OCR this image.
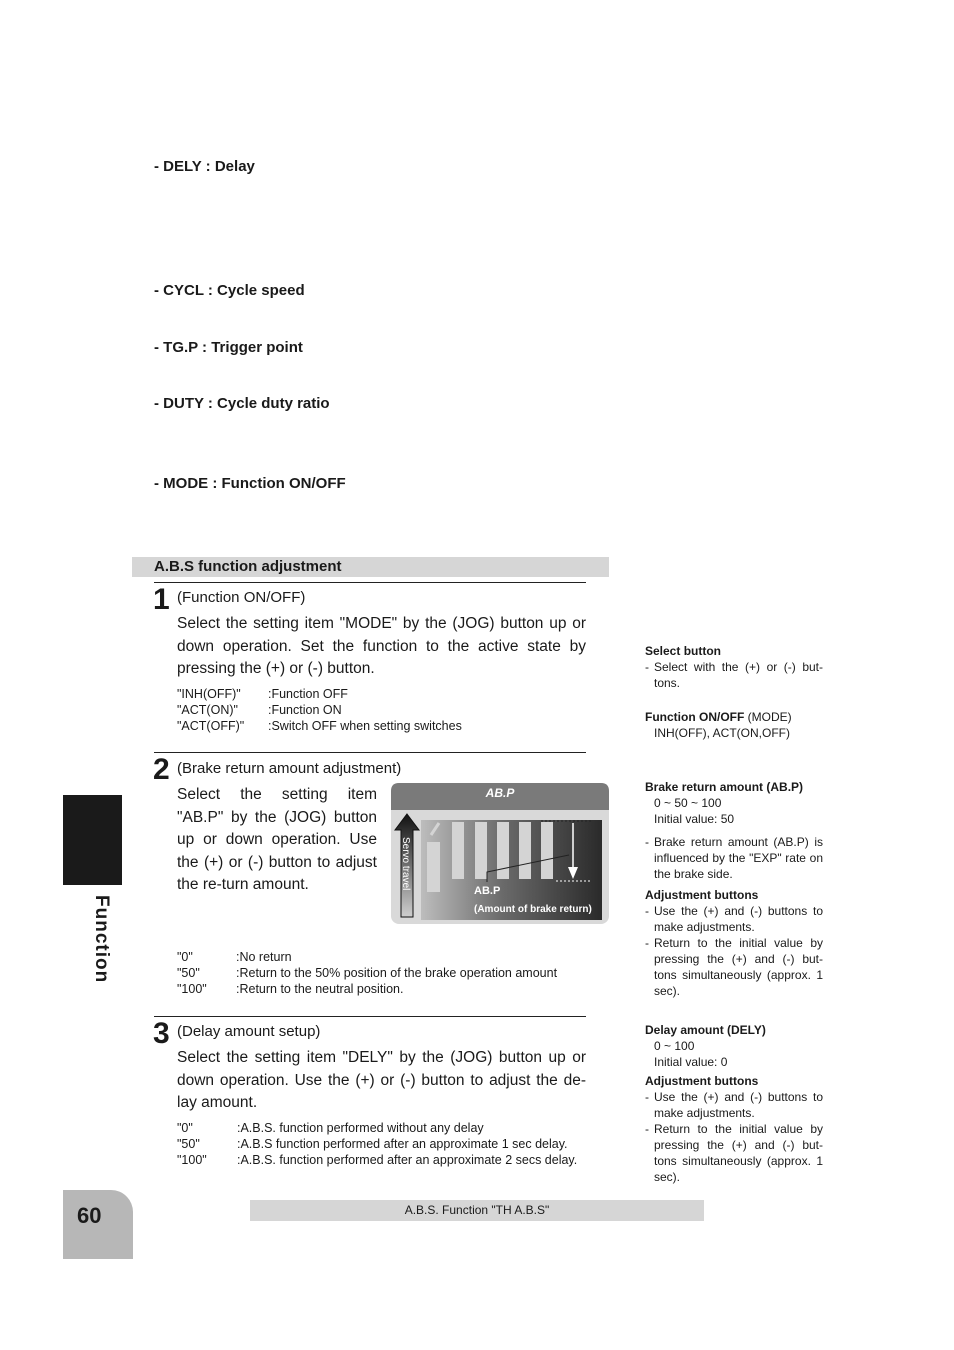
- DELY : Delay
- CYCL : Cycle speed
- TG.P : Trigger point
- DUTY : Cycle duty ratio
- MODE : Function ON/OFF
A.B.S function adjustment
1 (Function ON/OFF)
Select the setting item "MODE" by the (JOG) button up or down operation. Set the function to the active state by pressing the (+) or (-) button.
"INH(OFF)" :Function OFF
"ACT(ON)" :Function ON
"ACT(OFF)" :Switch OFF when setting switches
2 (Brake return amount adjustment)
Select the setting item "AB.P" by the (JOG) button up or down operation. Use the (+) or (-) button to adjust the re-turn amount.
AB.P
Servo travel
AB.P
(Amount of brake return)
"0"	:No return
"50"	:Return to the 50% position of the brake operation amount
"100" :Return to the neutral position.
3 (Delay amount setup)
Select the setting item "DELY" by the (JOG) button up or down operation. Use the (+) or (-) button to adjust the de-lay amount.
"0"	:A.B.S. function performed without any delay
"50"	:A.B.S function performed after an approximate 1 sec delay.
"100" :A.B.S. function performed after an approximate 2 secs delay.
Select button
- Select with the (+) or (-) but-tons.
Function ON/OFF (MODE)
INH(OFF), ACT(ON,OFF)
Brake return amount (AB.P)
0 ~ 50 ~ 100
Initial value: 50
- Brake return amount (AB.P) is influenced by the "EXP" rate on the brake side.
Adjustment buttons
- Use the (+) and (-) buttons to make adjustments.
- Return to the initial value by pressing the (+) and (-) but-tons simultaneously (approx. 1 sec).
Delay amount (DELY)
0 ~ 100
Initial value: 0
Adjustment buttons
- Use the (+) and (-) buttons to make adjustments.
- Return to the initial value by pressing the (+) and (-) but-tons simultaneously (approx. 1 sec).
Function
60	A.B.S. Function "TH A.B.S"
